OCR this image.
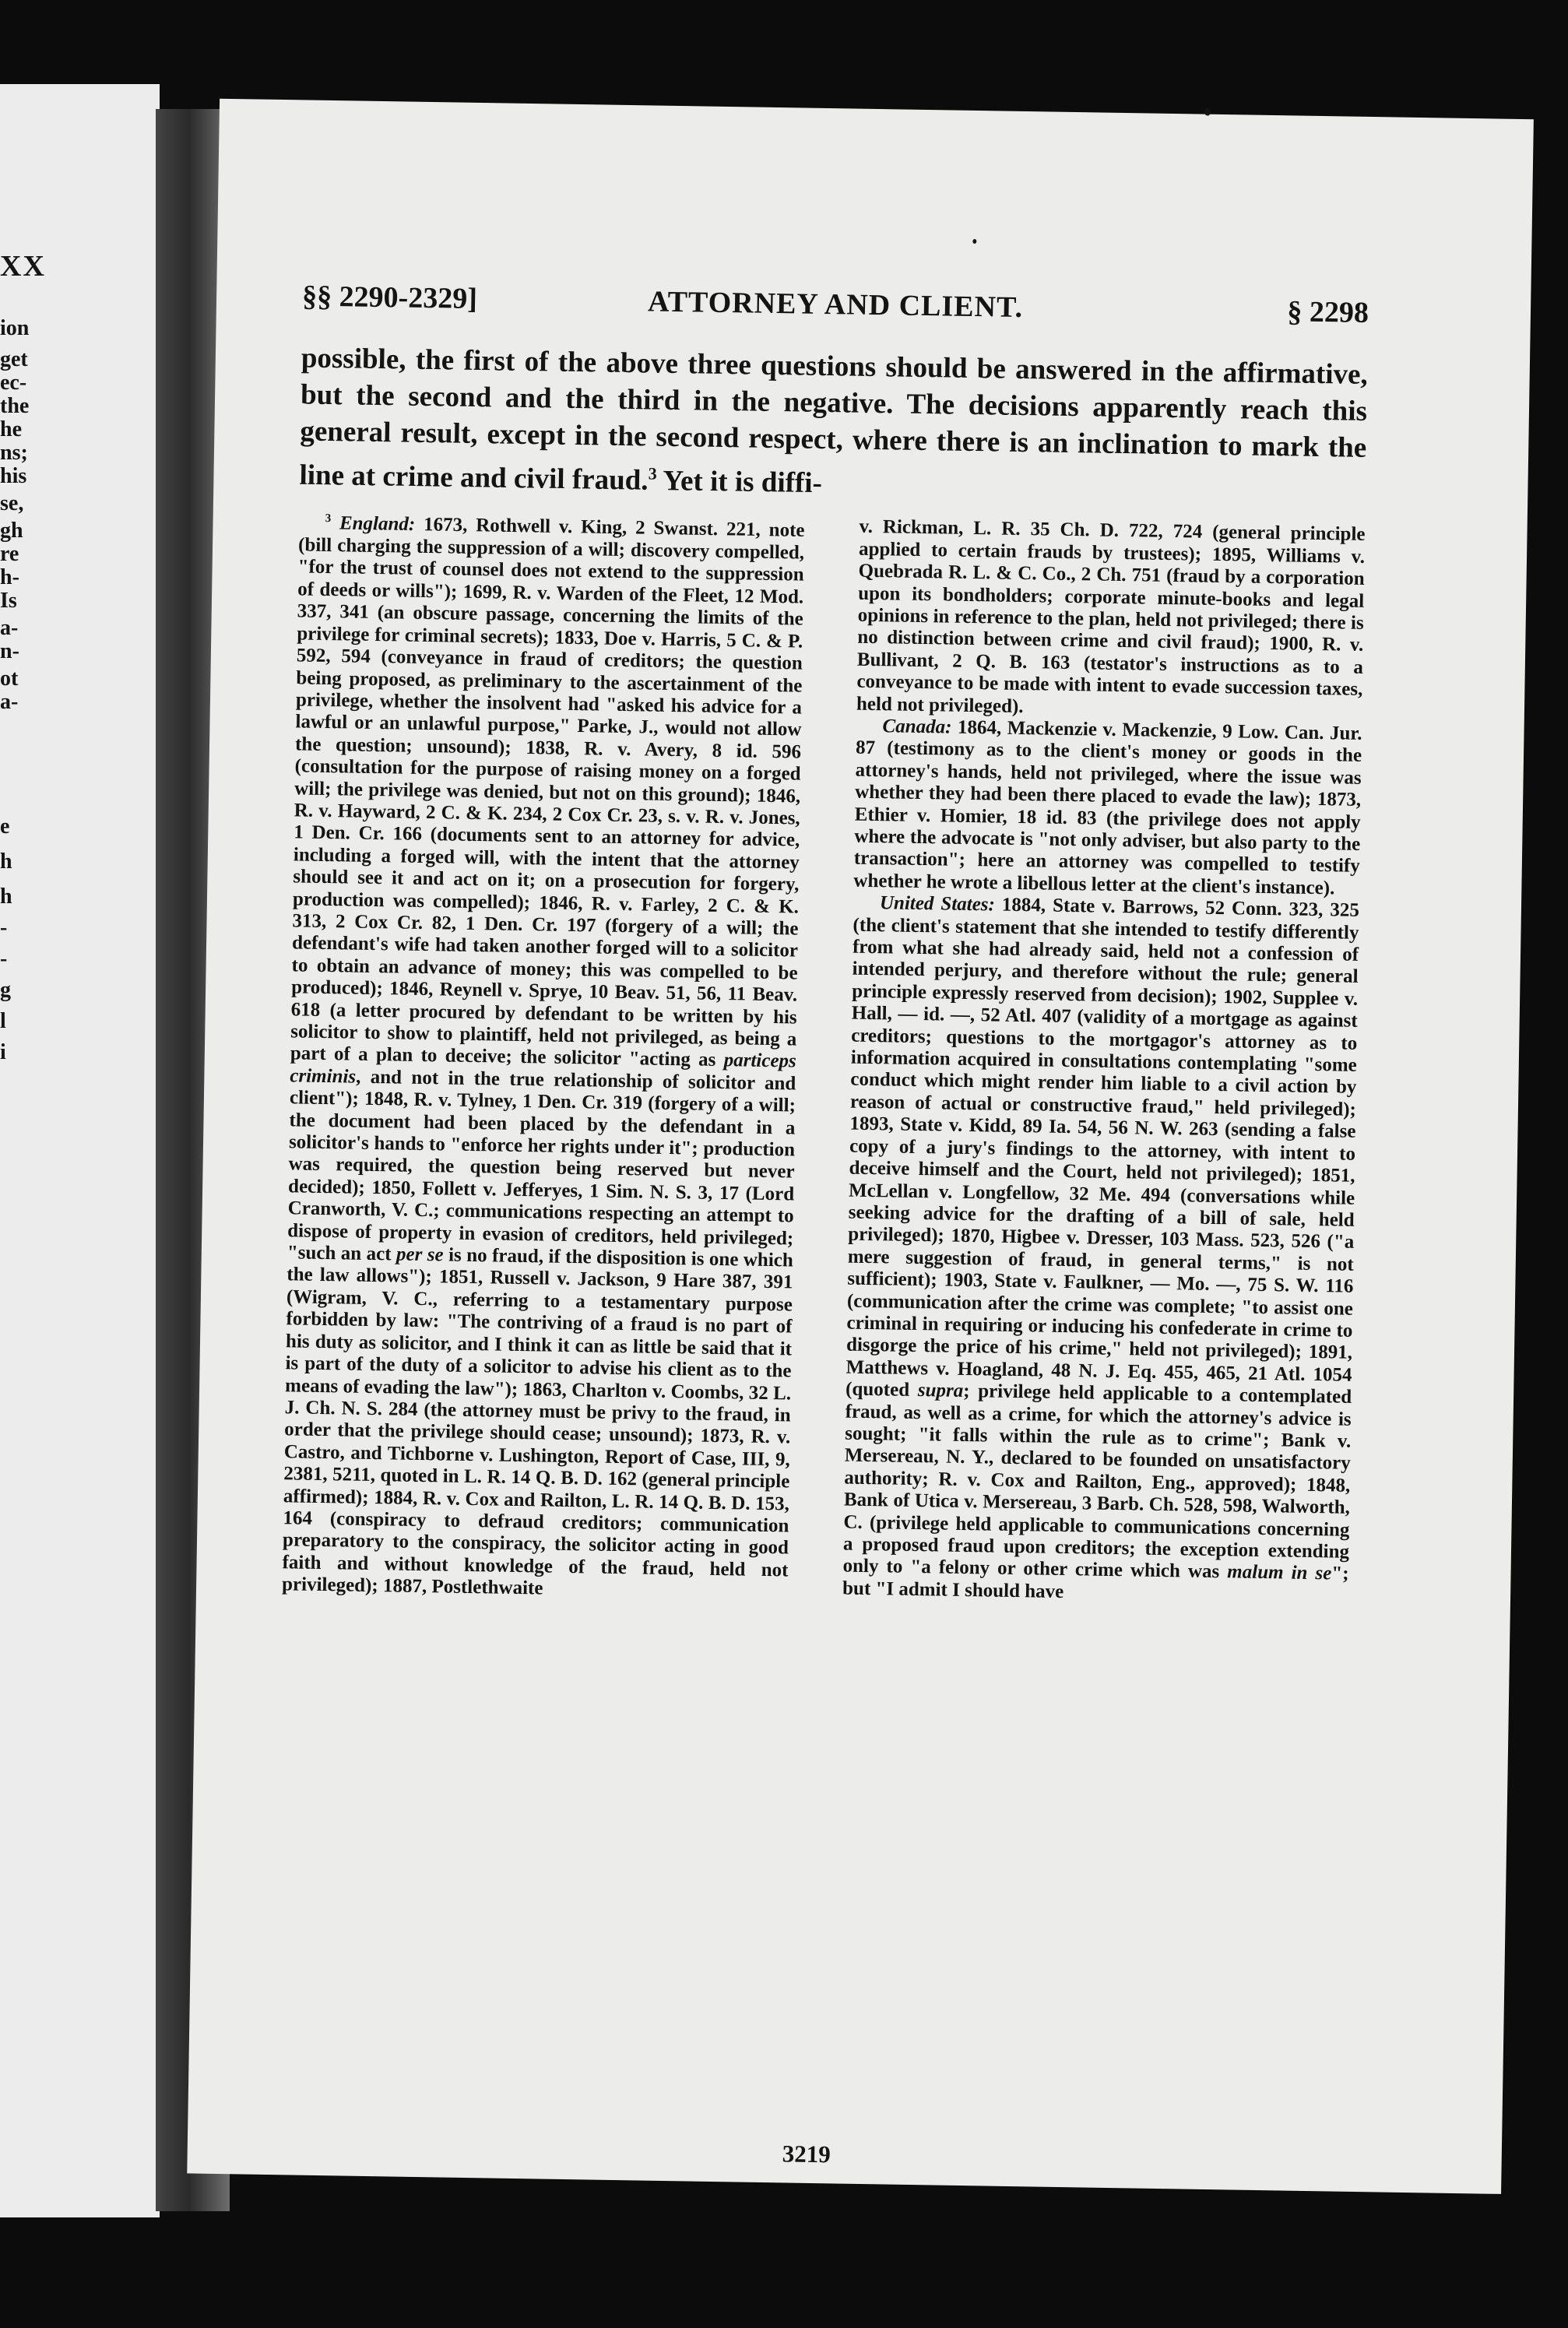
XX
ion
get
ec-
the
he
ns;
his
se,
gh
re
h-
Is
a-
n-
ot
a-
e
h
h
-
-
g
l
i
§§ 2290-2329]	ATTORNEY AND CLIENT.	§ 2298
possible, the first of the above three questions should be answered in the affirmative, but the second and the third in the negative. The decisions apparently reach this general result, except in the second respect, where there is an inclination to mark the line at crime and civil fraud.$^3$ Yet it is diffi-

$^3$ England: 1673, Rothwell v. King, 2 Swanst. 221, note (bill charging the suppression of a will; discovery compelled, "for the trust of counsel does not extend to the suppression of deeds or wills"); 1699, R. v. Warden of the Fleet, 12 Mod. 337, 341 (an obscure passage, concerning the limits of the privilege for criminal secrets); 1833, Doe v. Harris, 5 C. & P. 592, 594 (conveyance in fraud of creditors; the question being proposed, as preliminary to the ascertainment of the privilege, whether the insolvent had "asked his advice for a lawful or an unlawful purpose," Parke, J., would not allow the question; unsound); 1838, R. v. Avery, 8 id. 596 (consultation for the purpose of raising money on a forged will; the privilege was denied, but not on this ground); 1846, R. v. Hayward, 2 C. & K. 234, 2 Cox Cr. 23, s. v. R. v. Jones, 1 Den. Cr. 166 (documents sent to an attorney for advice, including a forged will, with the intent that the attorney should see it and act on it; on a prosecution for forgery, production was compelled); 1846, R. v. Farley, 2 C. & K. 313, 2 Cox Cr. 82, 1 Den. Cr. 197 (forgery of a will; the defendant's wife had taken another forged will to a solicitor to obtain an advance of money; this was compelled to be produced); 1846, Reynell v. Sprye, 10 Beav. 51, 56, 11 Beav. 618 (a letter procured by defendant to be written by his solicitor to show to plaintiff, held not privileged, as being a part of a plan to deceive; the solicitor "acting as particeps criminis, and not in the true relationship of solicitor and client"); 1848, R. v. Tylney, 1 Den. Cr. 319 (forgery of a will; the document had been placed by the defendant in a solicitor's hands to "enforce her rights under it"; production was required, the question being reserved but never decided); 1850, Follett v. Jefferyes, 1 Sim. N. S. 3, 17 (Lord Cranworth, V. C.; communications respecting an attempt to dispose of property in evasion of creditors, held privileged; "such an act per se is no fraud, if the disposition is one which the law allows"); 1851, Russell v. Jackson, 9 Hare 387, 391 (Wigram, V. C., referring to a testamentary purpose forbidden by law: "The contriving of a fraud is no part of his duty as solicitor, and I think it can as little be said that it is part of the duty of a solicitor to advise his client as to the means of evading the law"); 1863, Charlton v. Coombs, 32 L. J. Ch. N. S. 284 (the attorney must be privy to the fraud, in order that the privilege should cease; unsound); 1873, R. v. Castro, and Tichborne v. Lushington, Report of Case, III, 9, 2381, 5211, quoted in L. R. 14 Q. B. D. 162 (general principle affirmed); 1884, R. v. Cox and Railton, L. R. 14 Q. B. D. 153, 164 (conspiracy to defraud creditors; communication preparatory to the conspiracy, the solicitor acting in good faith and without knowledge of the fraud, held not privileged); 1887, Postlethwaite

v. Rickman, L. R. 35 Ch. D. 722, 724 (general principle applied to certain frauds by trustees); 1895, Williams v. Quebrada R. L. & C. Co., 2 Ch. 751 (fraud by a corporation upon its bondholders; corporate minute-books and legal opinions in reference to the plan, held not privileged; there is no distinction between crime and civil fraud); 1900, R. v. Bullivant, 2 Q. B. 163 (testator's instructions as to a conveyance to be made with intent to evade succession taxes, held not privileged).

Canada: 1864, Mackenzie v. Mackenzie, 9 Low. Can. Jur. 87 (testimony as to the client's money or goods in the attorney's hands, held not privileged, where the issue was whether they had been there placed to evade the law); 1873, Ethier v. Homier, 18 id. 83 (the privilege does not apply where the advocate is "not only adviser, but also party to the transaction"; here an attorney was compelled to testify whether he wrote a libellous letter at the client's instance).

United States: 1884, State v. Barrows, 52 Conn. 323, 325 (the client's statement that she intended to testify differently from what she had already said, held not a confession of intended perjury, and therefore without the rule; general principle expressly reserved from decision); 1902, Supplee v. Hall, — id. —, 52 Atl. 407 (validity of a mortgage as against creditors; questions to the mortgagor's attorney as to information acquired in consultations contemplating "some conduct which might render him liable to a civil action by reason of actual or constructive fraud," held privileged); 1893, State v. Kidd, 89 Ia. 54, 56 N. W. 263 (sending a false copy of a jury's findings to the attorney, with intent to deceive himself and the Court, held not privileged); 1851, McLellan v. Longfellow, 32 Me. 494 (conversations while seeking advice for the drafting of a bill of sale, held privileged); 1870, Higbee v. Dresser, 103 Mass. 523, 526 ("a mere suggestion of fraud, in general terms," is not sufficient); 1903, State v. Faulkner, — Mo. —, 75 S. W. 116 (communication after the crime was complete; "to assist one criminal in requiring or inducing his confederate in crime to disgorge the price of his crime," held not privileged); 1891, Matthews v. Hoagland, 48 N. J. Eq. 455, 465, 21 Atl. 1054 (quoted supra; privilege held applicable to a contemplated fraud, as well as a crime, for which the attorney's advice is sought; "it falls within the rule as to crime"; Bank v. Mersereau, N. Y., declared to be founded on unsatisfactory authority; R. v. Cox and Railton, Eng., approved); 1848, Bank of Utica v. Mersereau, 3 Barb. Ch. 528, 598, Walworth, C. (privilege held applicable to communications concerning a proposed fraud upon creditors; the exception extending only to "a felony or other crime which was malum in se"; but "I admit I should have

3219
